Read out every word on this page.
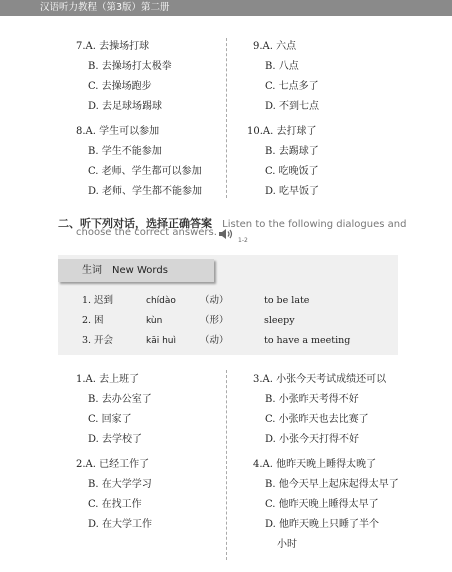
汉语听力教程（第3版）第二册
7.A. 去操场打球
B. 去操场打太极拳
C. 去操场跑步
D. 去足球场踢球
8.A. 学生可以参加
B. 学生不能参加
C. 老师、学生都可以参加
D. 老师、学生都不能参加
9.A. 六点
B. 八点
C. 七点多了
D. 不到七点
10.A. 去打球了
B. 去踢球了
C. 吃晚饭了
D. 吃早饭了
二、听下列对话，选择正确答案 Listen to the following dialogues and
choose the correct answers.
1-2
生词 New Words
1. 迟到	chídào	（动）	to be late
2. 困	kùn	（形）	sleepy
3. 开会	kāi huì	（动）	to have a meeting
1.A. 去上班了
B. 去办公室了
C. 回家了
D. 去学校了
2.A. 已经工作了
B. 在大学学习
C. 在找工作
D. 在大学工作
3.A. 小张今天考试成绩还可以
B. 小张昨天考得不好
C. 小张昨天也去比赛了
D. 小张今天打得不好
4.A. 他昨天晚上睡得太晚了
B. 他今天早上起床起得太早了
C. 他昨天晚上睡得太早了
D. 他昨天晚上只睡了半个
小时
